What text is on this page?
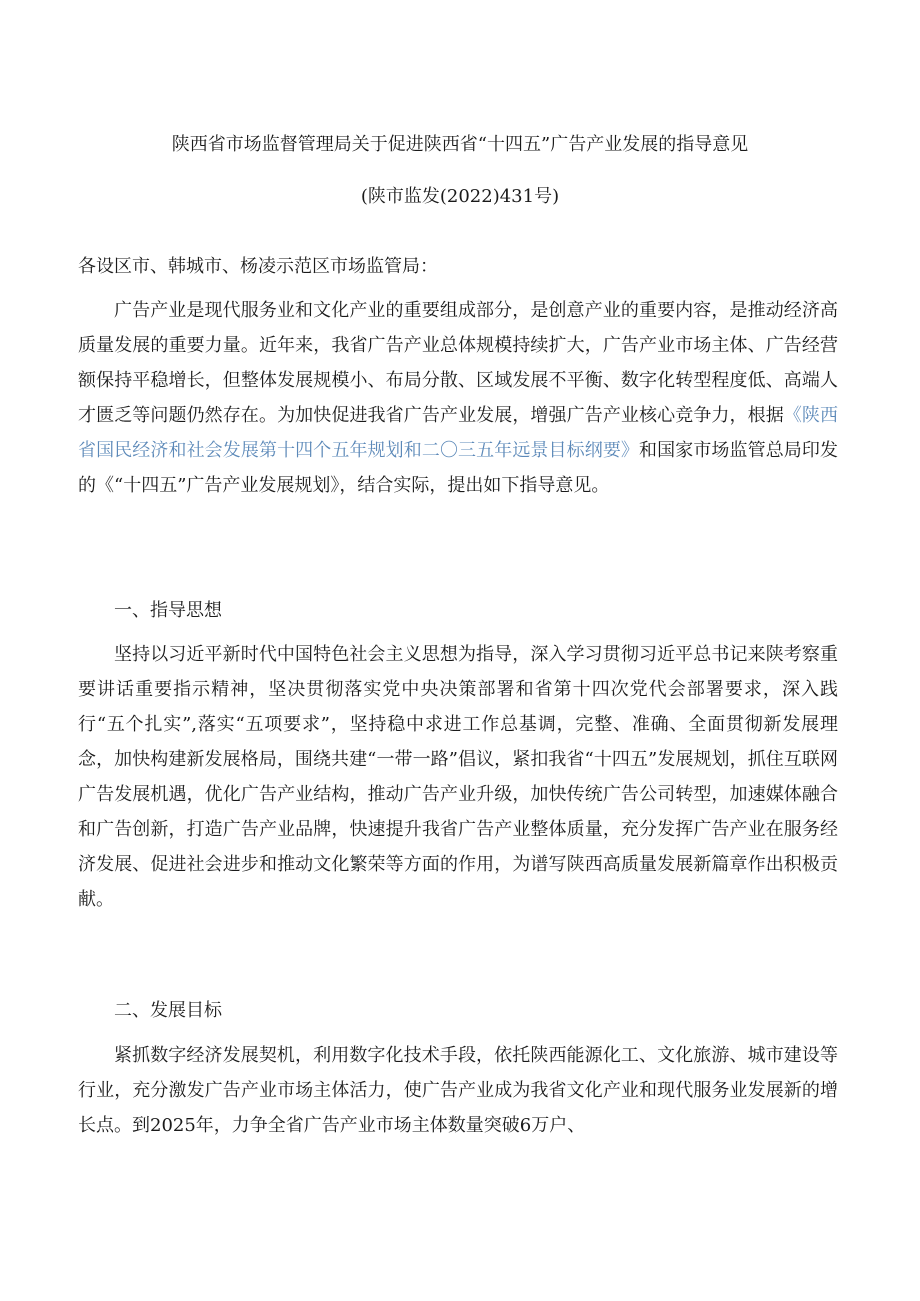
陕西省市场监督管理局关于促进陕西省“十四五”广告产业发展的指导意见
(陕市监发(2022)431号)
各设区市、韩城市、杨凌示范区市场监管局：

广告产业是现代服务业和文化产业的重要组成部分，是创意产业的重要内容，是推动经济高质量发展的重要力量。近年来，我省广告产业总体规模持续扩大，广告产业市场主体、广告经营额保持平稳增长，但整体发展规模小、布局分散、区域发展不平衡、数字化转型程度低、高端人才匮乏等问题仍然存在。为加快促进我省广告产业发展，增强广告产业核心竞争力，根据《陕西省国民经济和社会发展第十四个五年规划和二〇三五年远景目标纲要》和国家市场监管总局印发的《“十四五”广告产业发展规划》，结合实际，提出如下指导意见。

一、指导思想

坚持以习近平新时代中国特色社会主义思想为指导，深入学习贯彻习近平总书记来陕考察重要讲话重要指示精神，坚决贯彻落实党中央决策部署和省第十四次党代会部署要求，深入践行“五个扎实”,落实“五项要求”，坚持稳中求进工作总基调，完整、准确、全面贯彻新发展理念，加快构建新发展格局，围绕共建“一带一路”倡议，紧扣我省“十四五”发展规划，抓住互联网广告发展机遇，优化广告产业结构，推动广告产业升级，加快传统广告公司转型，加速媒体融合和广告创新，打造广告产业品牌，快速提升我省广告产业整体质量，充分发挥广告产业在服务经济发展、促进社会进步和推动文化繁荣等方面的作用，为谱写陕西高质量发展新篇章作出积极贡献。

二、发展目标

紧抓数字经济发展契机，利用数字化技术手段，依托陕西能源化工、文化旅游、城市建设等行业，充分激发广告产业市场主体活力，使广告产业成为我省文化产业和现代服务业发展新的增长点。到2025年，力争全省广告产业市场主体数量突破6万户、
